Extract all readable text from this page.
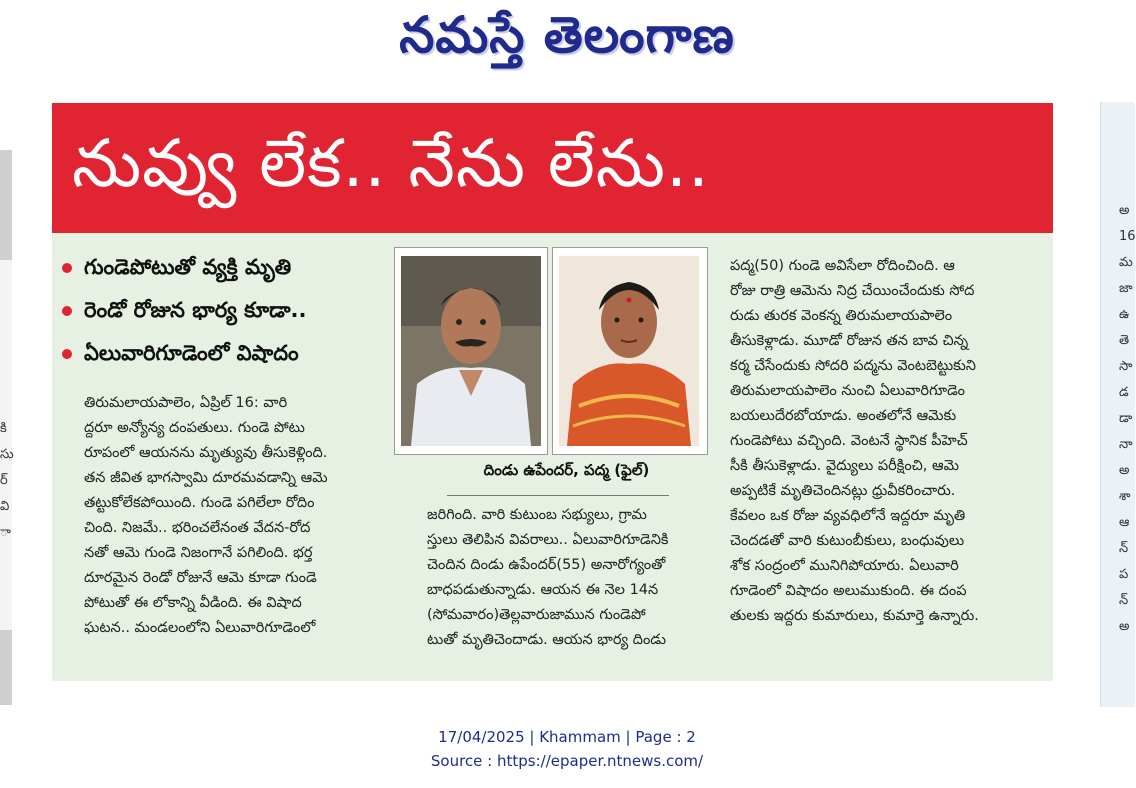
నమస్తే తెలంగాణ
కి
సు
ర్
వి
ా
అ
16
మ
జా
ఉ
తె
సా
డ
డా
నా
అ
శా
ఆ
న్
ప
న్
అ
నువ్వు లేక.. నేను లేను..
గుండెపోటుతో వ్యక్తి మృతి
రెండో రోజున భార్య కూడా..
ఏలువారిగూడెంలో విషాదం

తిరుమలాయపాలెం, ఏప్రిల్ 16: వారి

ద్దరూ అన్యోన్య దంపతులు. గుండె పోటు

రూపంలో ఆయనను మృత్యువు తీసుకెళ్లింది.

తన జీవిత భాగస్వామి దూరమవడాన్ని ఆమె

తట్టుకోలేకపోయింది. గుండె పగిలేలా రోదిం

చింది. నిజమే.. భరించలేనంత వేదన-రోద

నతో ఆమె గుండె నిజంగానే పగిలింది. భర్త

దూరమైన రెండో రోజునే ఆమె కూడా గుండె

పోటుతో ఈ లోకాన్ని వీడింది. ఈ విషాద

ఘటన.. మండలంలోని ఏలువారిగూడెంలో

దిండు ఉపేందర్, పద్మ (ఫైల్)

జరిగింది. వారి కుటుంబ సభ్యులు, గ్రామ

స్తులు తెలిపిన వివరాలు.. ఏలువారిగూడెనికి

చెందిన దిండు ఉపేందర్(55) అనారోగ్యంతో

బాధపడుతున్నాడు. ఆయన ఈ నెల 14న

(సోమవారం)తెల్లవారుజామున గుండెపో

టుతో మృతిచెందాడు. ఆయన భార్య దిండు

పద్మ(50) గుండె అవిసేలా రోదించింది. ఆ

రోజు రాత్రి ఆమెను నిద్ర చేయించేందుకు సోద

రుడు తురక వెంకన్న తిరుమలాయపాలెం

తీసుకెళ్లాడు. మూడో రోజున తన బావ చిన్న

కర్మ చేసేందుకు సోదరి పద్మను వెంటబెట్టుకుని

తిరుమలాయపాలెం నుంచి ఏలువారిగూడెం

బయలుదేరబోయాడు. అంతలోనే ఆమెకు

గుండెపోటు వచ్చింది. వెంటనే స్థానిక పీహెచ్

సీకి తీసుకెళ్లాడు. వైద్యులు పరీక్షించి, ఆమె

అప్పటికే మృతిచెందినట్లు ధ్రువీకరించారు.

కేవలం ఒక రోజు వ్యవధిలోనే ఇద్దరూ మృతి

చెందడతో వారి కుటుంబీకులు, బంధువులు

శోక సంద్రంలో మునిగిపోయారు. ఏలువారి

గూడెంలో విషాదం అలుముకుంది. ఈ దంప

తులకు ఇద్దరు కుమారులు, కుమార్తె ఉన్నారు.

17/04/2025 | Khammam | Page : 2
Source : https://epaper.ntnews.com/
